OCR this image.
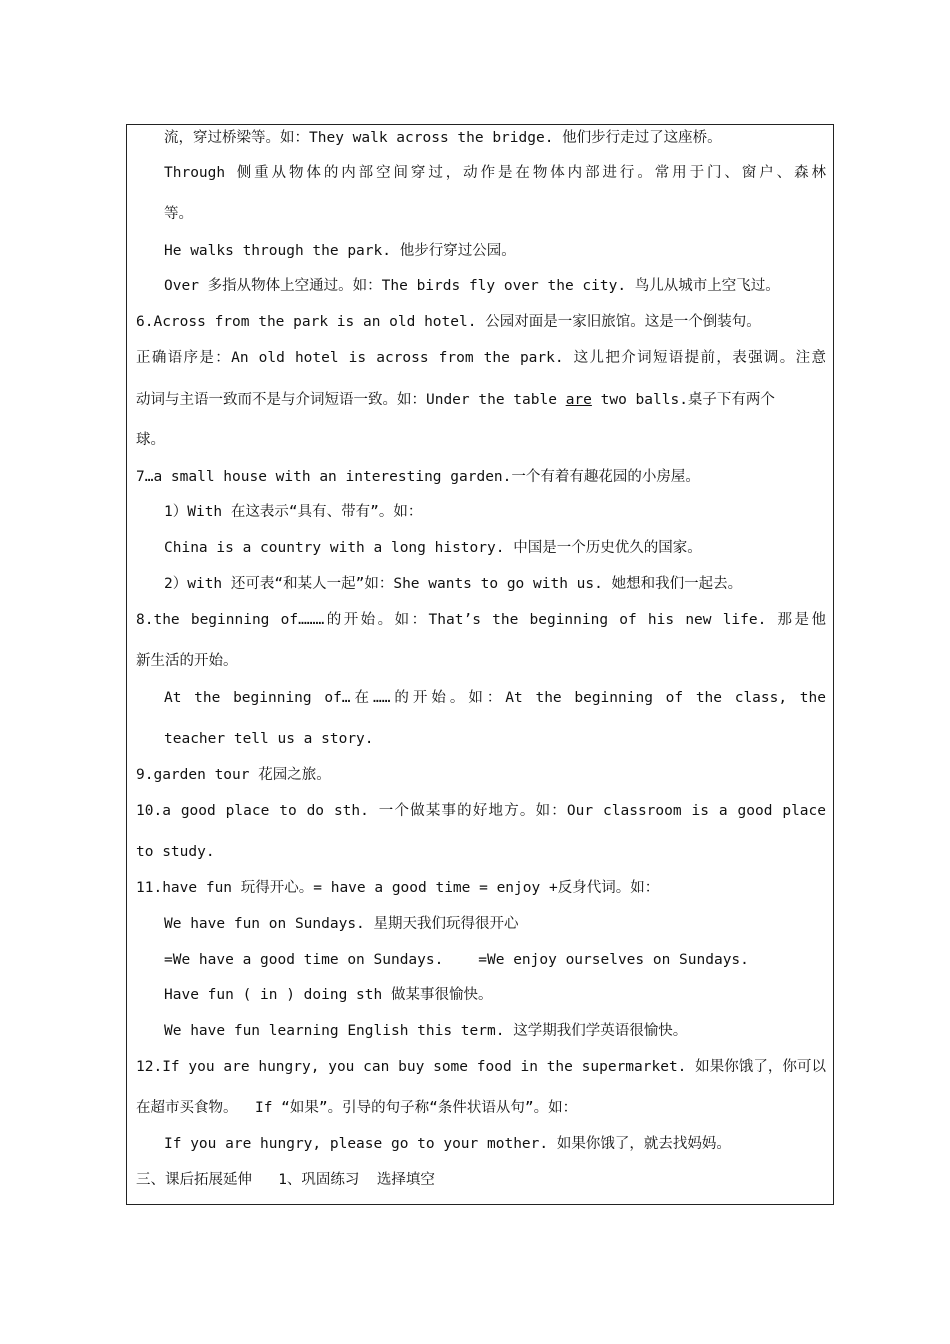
流，穿过桥梁等。如：They walk across the bridge. 他们步行走过了这座桥。
Through 侧重从物体的内部空间穿过，动作是在物体内部进行。常用于门、窗户、森林
等。
He walks through the park. 他步行穿过公园。
Over 多指从物体上空通过。如：The birds fly over the city. 鸟儿从城市上空飞过。
6.Across from the park is an old hotel. 公园对面是一家旧旅馆。这是一个倒装句。
正确语序是：An old hotel is across from the park. 这儿把介词短语提前，表强调。注意
动词与主语一致而不是与介词短语一致。如：Under the table are two balls.桌子下有两个
球。
7…a small house with an interesting garden.一个有着有趣花园的小房屋。
1）With 在这表示“具有、带有”。如：
China is a country with a long history. 中国是一个历史优久的国家。
2）with 还可表“和某人一起”如：She wants to go with us. 她想和我们一起去。
8.the beginning of………的开始。如：That’s the beginning of his new life. 那是他
新生活的开始。
At the beginning of…在……的开始。如：At the beginning of the class, the
teacher tell us a story.
9.garden tour 花园之旅。
10.a good place to do sth. 一个做某事的好地方。如：Our classroom is a good place
to study.
11.have fun 玩得开心。= have a good time = enjoy +反身代词。如：
We have fun on Sundays. 星期天我们玩得很开心
=We have a good time on Sundays.    =We enjoy ourselves on Sundays.
Have fun ( in ) doing sth 做某事很愉快。
We have fun learning English this term. 这学期我们学英语很愉快。
12.If you are hungry, you can buy some food in the supermarket. 如果你饿了，你可以
在超市买食物。  If “如果”。引导的句子称“条件状语从句”。如：
If you are hungry, please go to your mother. 如果你饿了，就去找妈妈。
三、课后拓展延伸   1、巩固练习  选择填空
